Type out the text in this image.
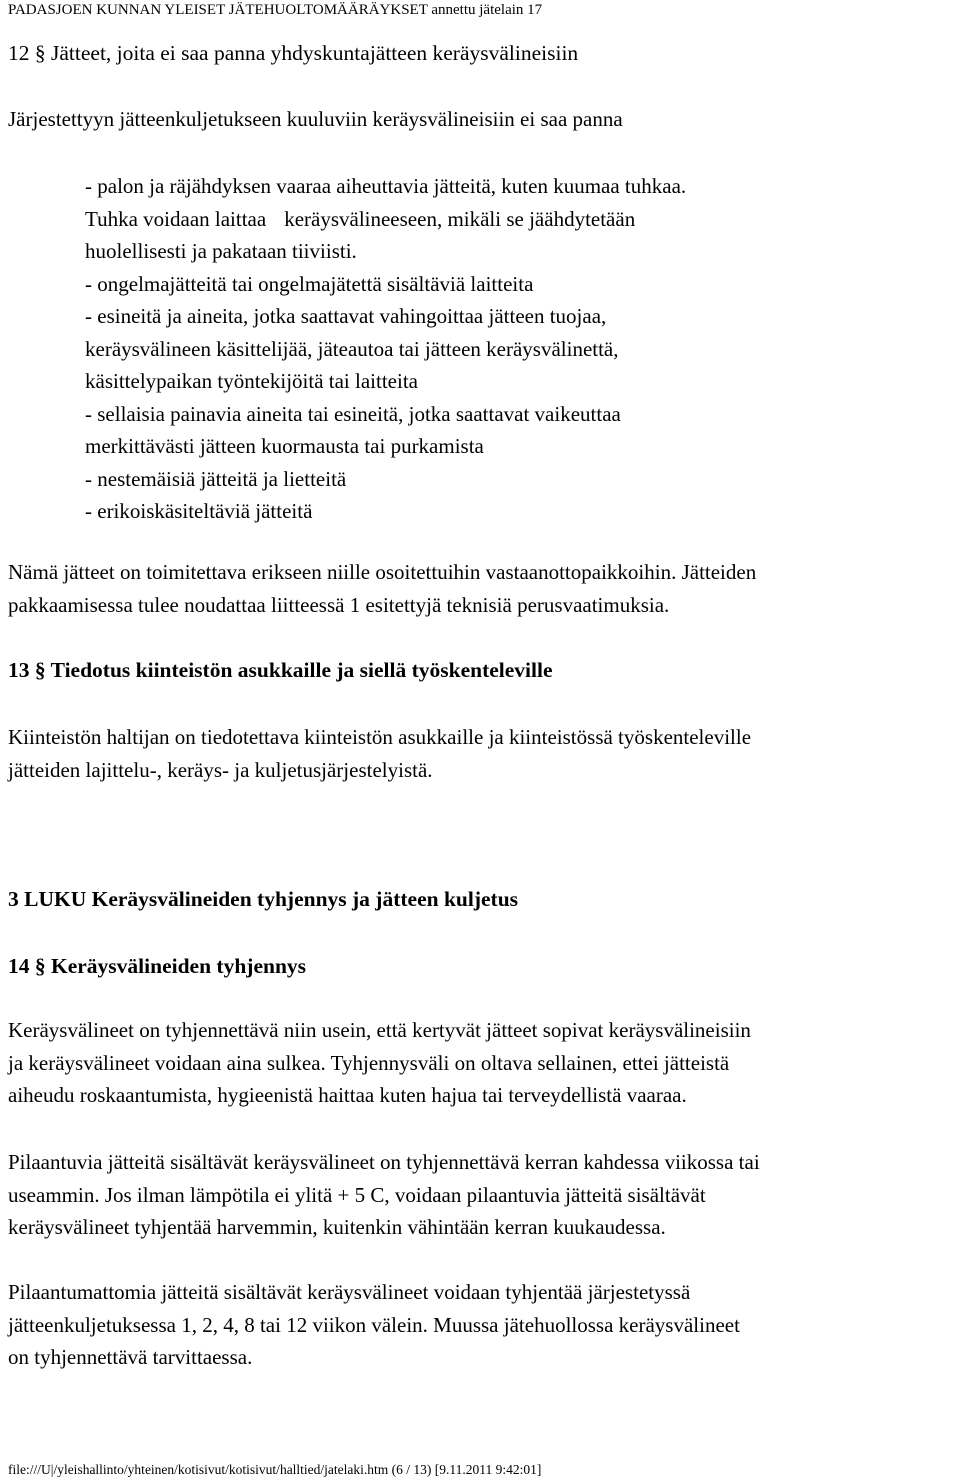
PADASJOEN KUNNAN YLEISET JÄTEHUOLTOMÄÄRÄYKSET annettu jätelain 17
12 § Jätteet, joita ei saa panna yhdyskuntajätteen keräysvälineisiin
Järjestettyyn jätteenkuljetukseen kuuluviin keräysvälineisiin ei saa panna
- palon ja räjähdyksen vaaraa aiheuttavia jätteitä, kuten kuumaa tuhkaa.
Tuhka voidaan laittaa keräysvälineeseen, mikäli se jäähdytetään
huolellisesti ja pakataan tiiviisti.
- ongelmajätteitä tai ongelmajätettä sisältäviä laitteita
- esineitä ja aineita, jotka saattavat vahingoittaa jätteen tuojaa,
keräysvälineen käsittelijää, jäteautoa tai jätteen keräysvälinettä,
käsittelypaikan työntekijöitä tai laitteita
- sellaisia painavia aineita tai esineitä, jotka saattavat vaikeuttaa
merkittävästi jätteen kuormausta tai purkamista
- nestemäisiä jätteitä ja lietteitä
- erikoiskäsiteltäviä jätteitä
Nämä jätteet on toimitettava erikseen niille osoitettuihin vastaanottopaikkoihin. Jätteiden
pakkaamisessa tulee noudattaa liitteessä 1 esitettyjä teknisiä perusvaatimuksia.
13 § Tiedotus kiinteistön asukkaille ja siellä työskenteleville
Kiinteistön haltijan on tiedotettava kiinteistön asukkaille ja kiinteistössä työskenteleville
jätteiden lajittelu-, keräys- ja kuljetusjärjestelyistä.
3 LUKU Keräysvälineiden tyhjennys ja jätteen kuljetus
14 § Keräysvälineiden tyhjennys
Keräysvälineet on tyhjennettävä niin usein, että kertyvät jätteet sopivat keräysvälineisiin
ja keräysvälineet voidaan aina sulkea. Tyhjennysväli on oltava sellainen, ettei jätteistä
aiheudu roskaantumista, hygieenistä haittaa kuten hajua tai terveydellistä vaaraa.
Pilaantuvia jätteitä sisältävät keräysvälineet on tyhjennettävä kerran kahdessa viikossa tai
useammin. Jos ilman lämpötila ei ylitä + 5 C, voidaan pilaantuvia jätteitä sisältävät
keräysvälineet tyhjentää harvemmin, kuitenkin vähintään kerran kuukaudessa.
Pilaantumattomia jätteitä sisältävät keräysvälineet voidaan tyhjentää järjestetyssä
jätteenkuljetuksessa 1, 2, 4, 8 tai 12 viikon välein. Muussa jätehuollossa keräysvälineet
on tyhjennettävä tarvittaessa.
file:///U|/yleishallinto/yhteinen/kotisivut/kotisivut/halltied/jatelaki.htm (6 / 13) [9.11.2011 9:42:01]
